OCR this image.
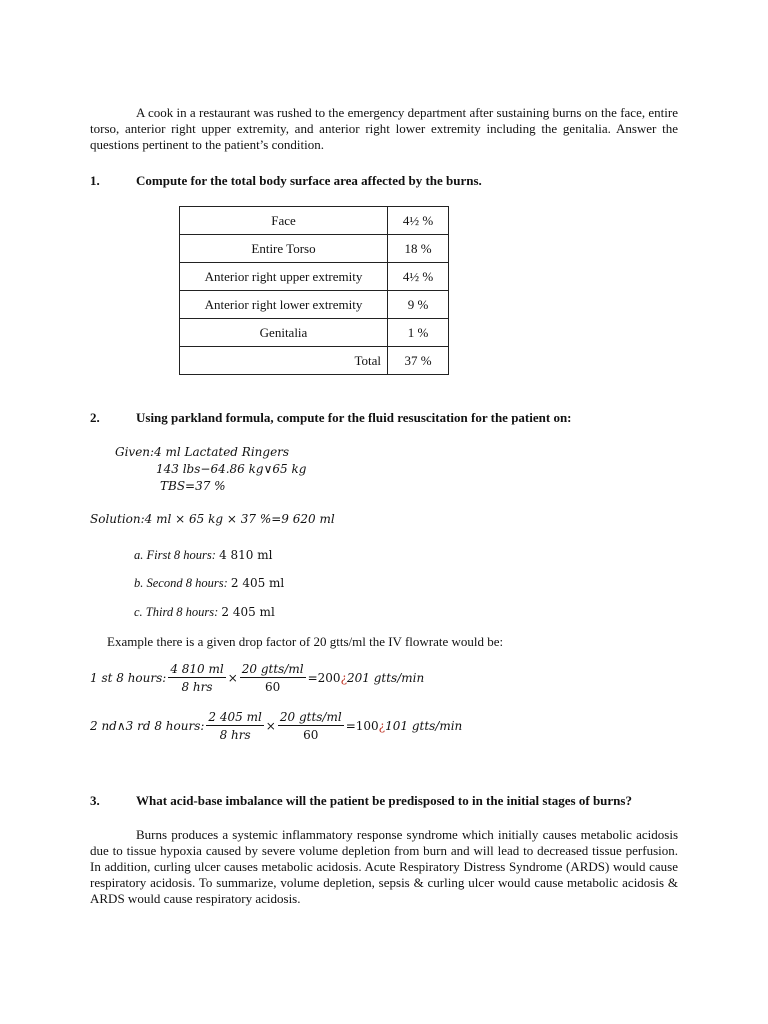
A cook in a restaurant was rushed to the emergency department after sustaining burns on the face, entire torso, anterior right upper extremity, and anterior right lower extremity including the genitalia. Answer the questions pertinent to the patient’s condition.

1.	Compute for the total body surface area affected by the burns.
Face	4½ %
Entire Torso	18 %
Anterior right upper extremity	4½ %
Anterior right lower extremity	9 %
Genitalia	1 %
Total	37 %
2.	Using parkland formula, compute for the fluid resuscitation for the patient on:
Given:4 ml Lactated Ringers
143 lbs−64.86 kg∨65 kg
TBS=37 %
Solution:4 ml × 65 kg × 37 %=9 620 ml
a. First 8 hours: 4 810 ml
b. Second 8 hours: 2 405 ml
c. Third 8 hours: 2 405 ml
Example there is a given drop factor of 20 gtts/ml the IV flowrate would be:
1 st 8 hours: $\frac{4 810 ml}{\text{8 hrs}} \times \frac{\text{20 gtts/ml}}{60} =200$ ¿ 201 gtts/min
2 nd∧3 rd 8 hours: $\frac{2 405 ml}{\text{8 hrs}} \times \frac{\text{20 gtts/ml}}{60} =100$ ¿ 101 gtts/min
3.	What acid-base imbalance will the patient be predisposed to in the initial stages of burns?

Burns produces a systemic inflammatory response syndrome which initially causes metabolic acidosis due to tissue hypoxia caused by severe volume depletion from burn and will lead to decreased tissue perfusion. In addition, curling ulcer causes metabolic acidosis. Acute Respiratory Distress Syndrome (ARDS) would cause respiratory acidosis. To summarize, volume depletion, sepsis & curling ulcer would cause metabolic acidosis & ARDS would cause respiratory acidosis.
